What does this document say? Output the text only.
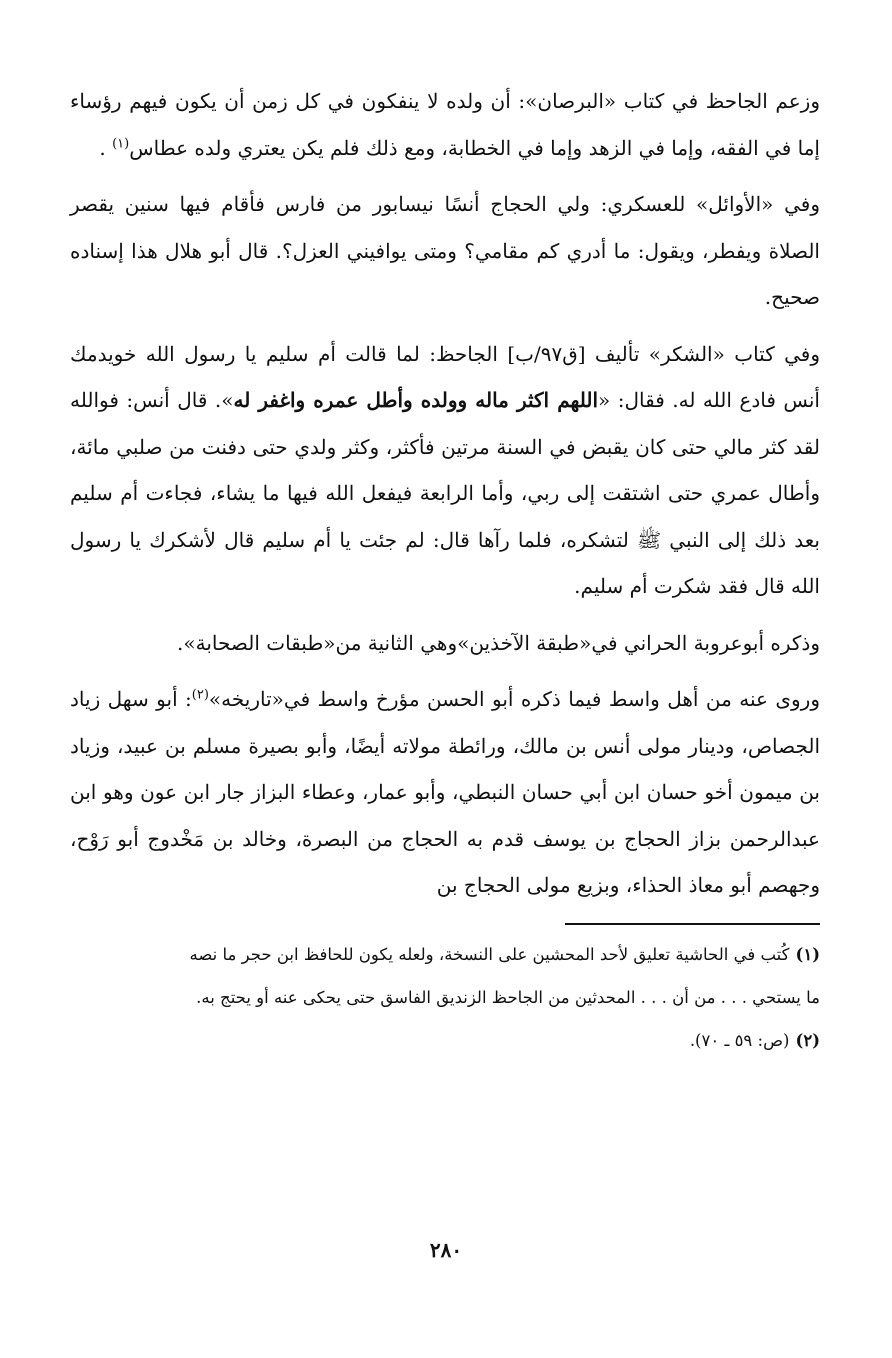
وزعم الجاحظ في كتاب «البرصان»: أن ولده لا ينفكون في كل زمن أن يكون فيهم رؤساء إما في الفقه، وإما في الزهد وإما في الخطابة، ومع ذلك فلم يكن يعتري ولده عطاس$^{(١)}$ .

وفي «الأوائل» للعسكري: ولي الحجاج أنسًا نيسابور من فارس فأقام فيها سنين يقصر الصلاة ويفطر، ويقول: ما أدري كم مقامي؟ ومتى يوافيني العزل؟. قال أبو هلال هذا إسناده صحيح.

وفي كتاب «الشكر» تأليف [ق٩٧/ب] الجاحظ: لما قالت أم سليم يا رسول الله خويدمك أنس فادع الله له. فقال: «اللهم اكثر ماله وولده وأطل عمره واغفر له». قال أنس: فوالله لقد كثر مالي حتى كان يقبض في السنة مرتين فأكثر، وكثر ولدي حتى دفنت من صلبي مائة، وأطال عمري حتى اشتقت إلى ربي، وأما الرابعة فيفعل الله فيها ما يشاء، فجاءت أم سليم بعد ذلك إلى النبي ﷺ لتشكره، فلما رآها قال: لم جئت يا أم سليم قال لأشكرك يا رسول الله قال فقد شكرت أم سليم.

وذكره أبوعروبة الحراني في«طبقة الآخذين»وهي الثانية من«طبقات الصحابة».

وروى عنه من أهل واسط فيما ذكره أبو الحسن مؤرخ واسط في«تاريخه»$^{(٢)}$: أبو سهل زياد الجصاص، ودينار مولى أنس بن مالك، ورائطة مولاته أيضًا، وأبو بصيرة مسلم بن عبيد، وزياد بن ميمون أخو حسان ابن أبي حسان النبطي، وأبو عمار، وعطاء البزاز جار ابن عون وهو ابن عبدالرحمن بزاز الحجاج بن يوسف قدم به الحجاج من البصرة، وخالد بن مَخْدوج أبو رَوْح، وجهصم أبو معاذ الحذاء، وبزيع مولى الحجاج بن

(١)كُتب في الحاشية تعليق لأحد المحشين على النسخة، ولعله يكون للحافظ ابن حجر ما نصه

ما يستحي . . . من أن . . . المحدثين من الجاحظ الزنديق الفاسق حتى يحكى عنه أو يحتج به.

(٢)(ص: ٥٩ ـ ٧٠).

٢٨٠
